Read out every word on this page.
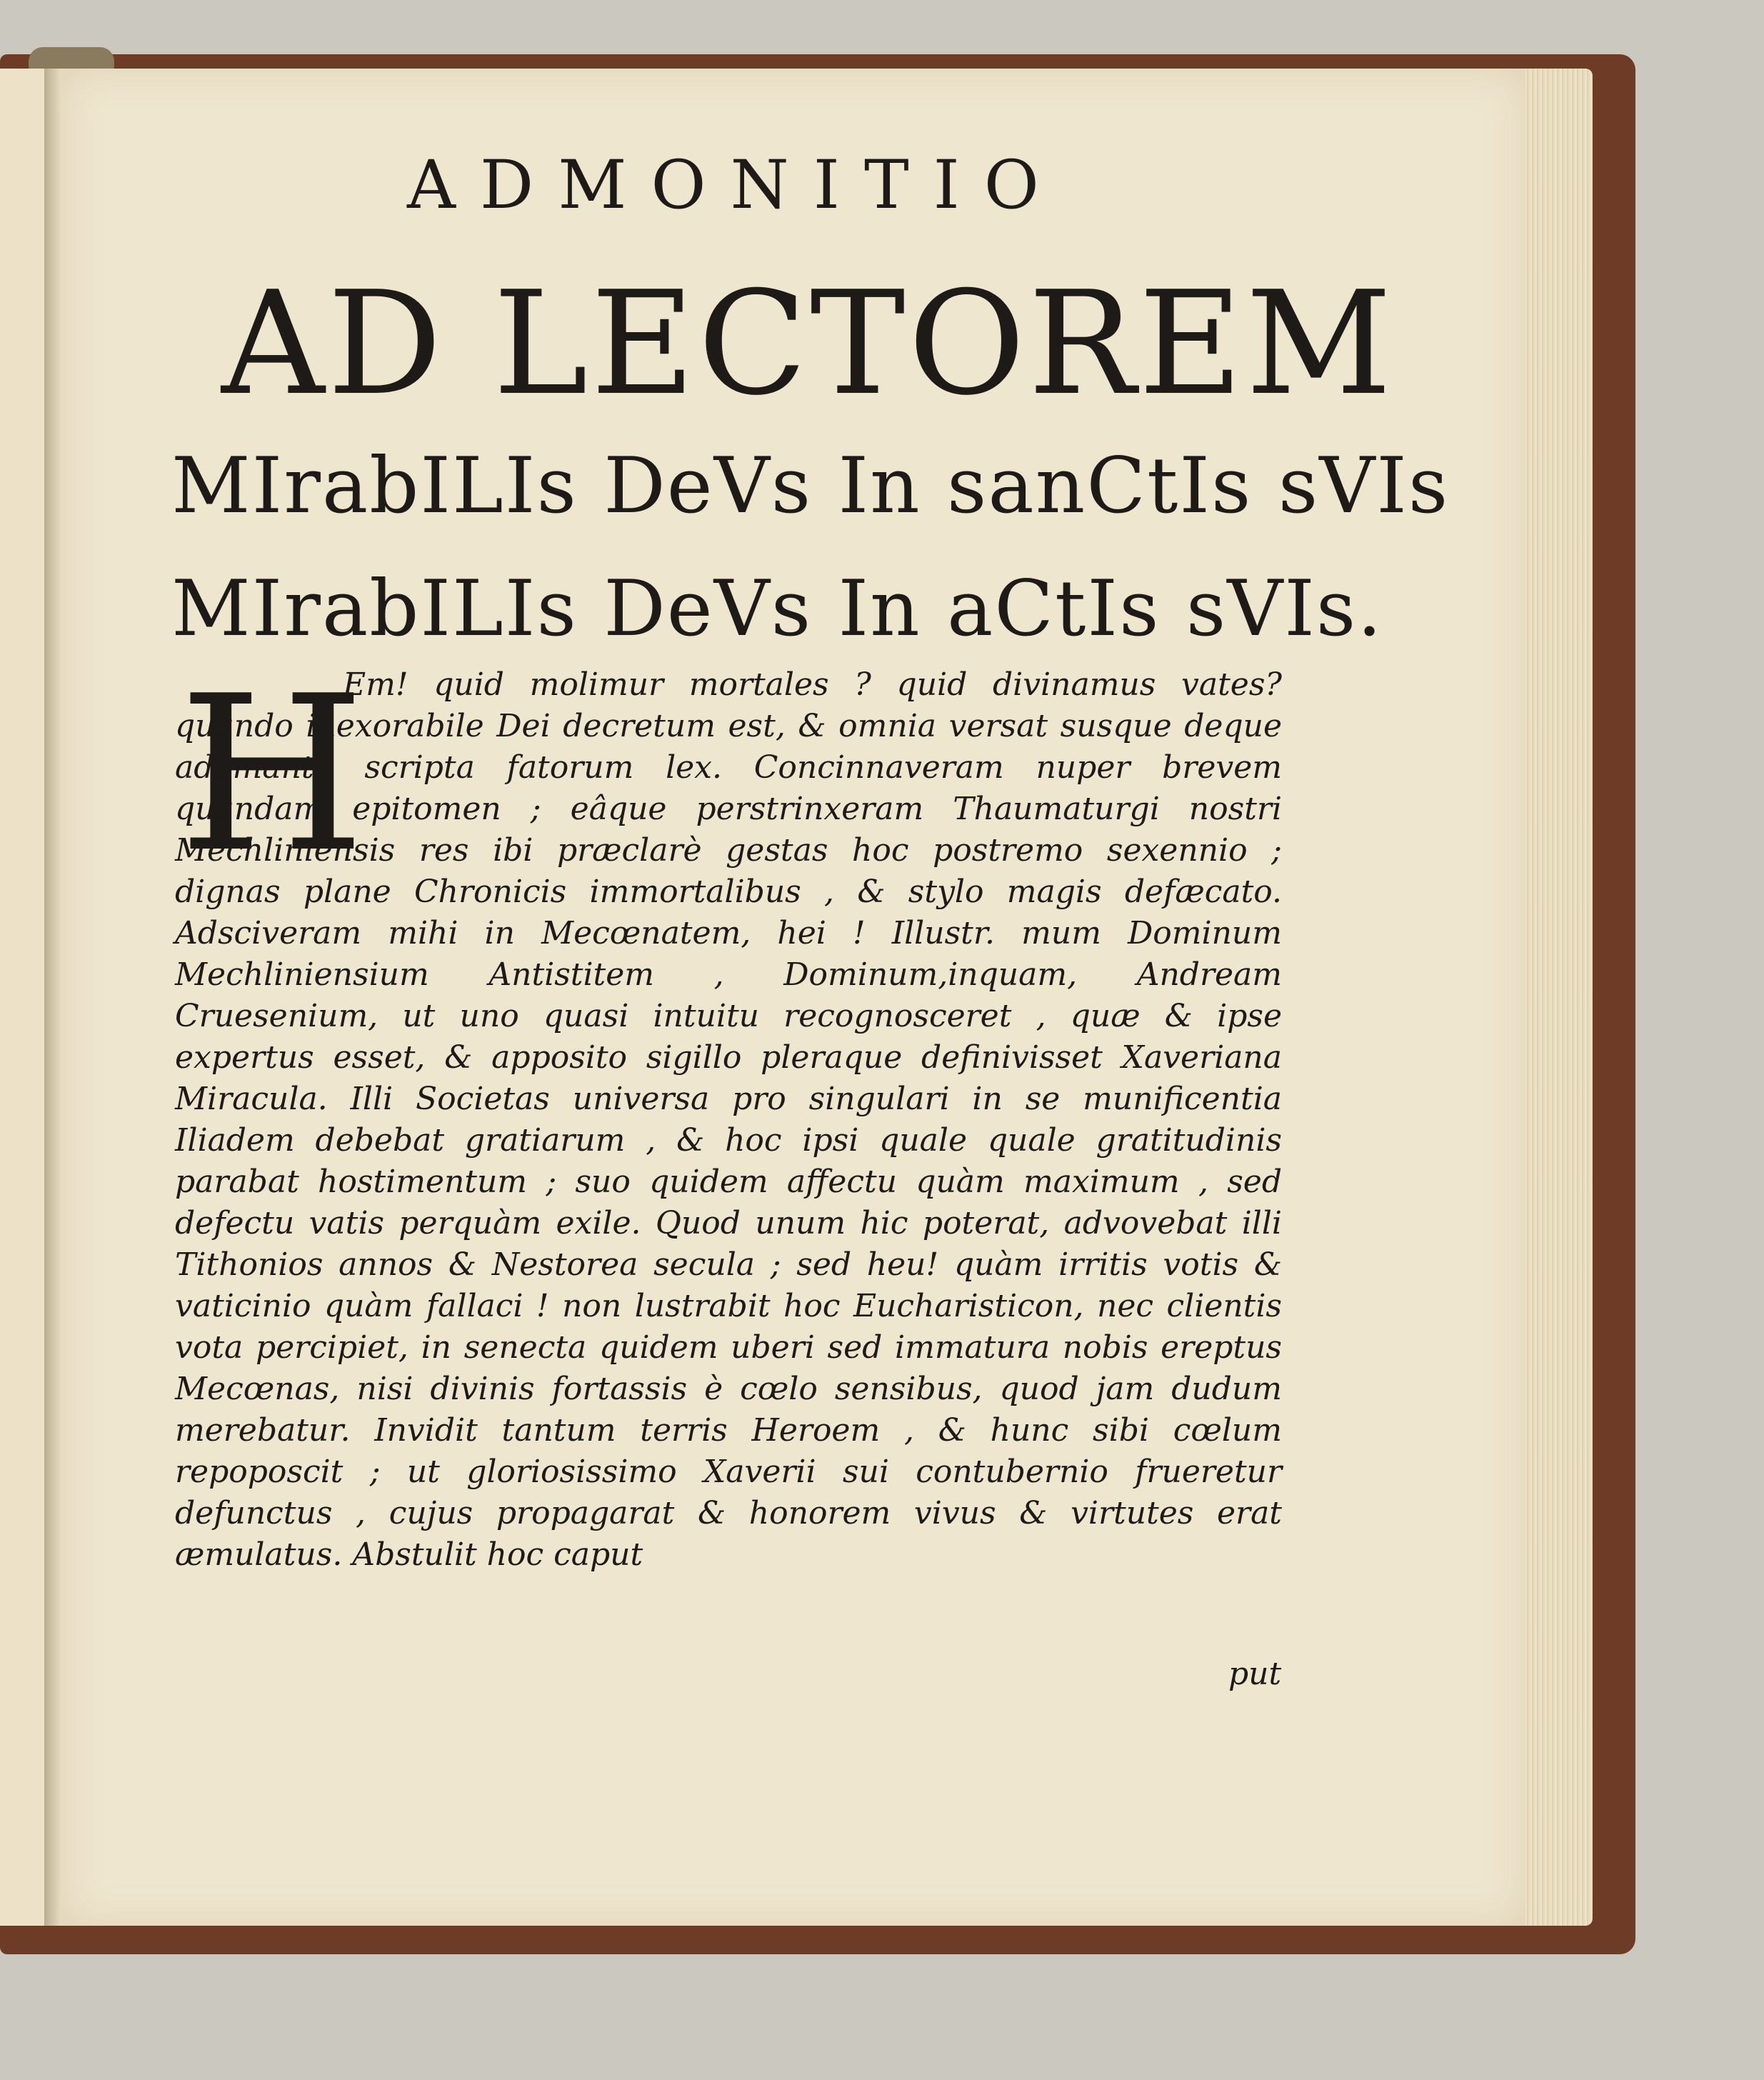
ADMONITIO
AD LECTOREM
MIrabILIs DeVs In sanCtIs sVIs
MIrabILIs DeVs In aCtIs sVIs.
H

Em! quid molimur mortales ? quid divinamus vates? quando inexorabile Dei decretum est, & omnia versat susque deque adamante scripta fatorum lex. Concinnaveram nuper brevem quandam epitomen ; eâque perstrinxeram Thaumaturgi nostri Mechliniensis res ibi præclarè gestas hoc postremo sexennio ; dignas plane Chronicis immortalibus , & stylo magis defæcato. Adsciveram mihi in Mecœnatem, hei ! Illustr. mum Dominum Mechliniensium Antistitem , Dominum,inquam, Andream Cruesenium, ut uno quasi intuitu recognosceret , quæ & ipse expertus esset, & apposito sigillo pleraque definivisset Xaveriana Miracula. Illi Societas universa pro singulari in se munificentia Iliadem debebat gratiarum , & hoc ipsi quale quale gratitudinis parabat hostimentum ; suo quidem affectu quàm maximum , sed defectu vatis perquàm exile. Quod unum hic poterat, advovebat illi Tithonios annos & Nestorea secula ; sed heu! quàm irritis votis & vaticinio quàm fallaci ! non lustrabit hoc Eucharisticon, nec clientis vota percipiet, in senecta quidem uberi sed immatura nobis ereptus Mecœnas, nisi divinis fortassis è cœlo sensibus, quod jam dudum merebatur. Invidit tantum terris Heroem , & hunc sibi cœlum repoposcit ; ut gloriosissimo Xaverii sui contubernio frueretur defunctus , cujus propagarat & honorem vivus & virtutes erat æmulatus. Abstulit hoc caput

put
